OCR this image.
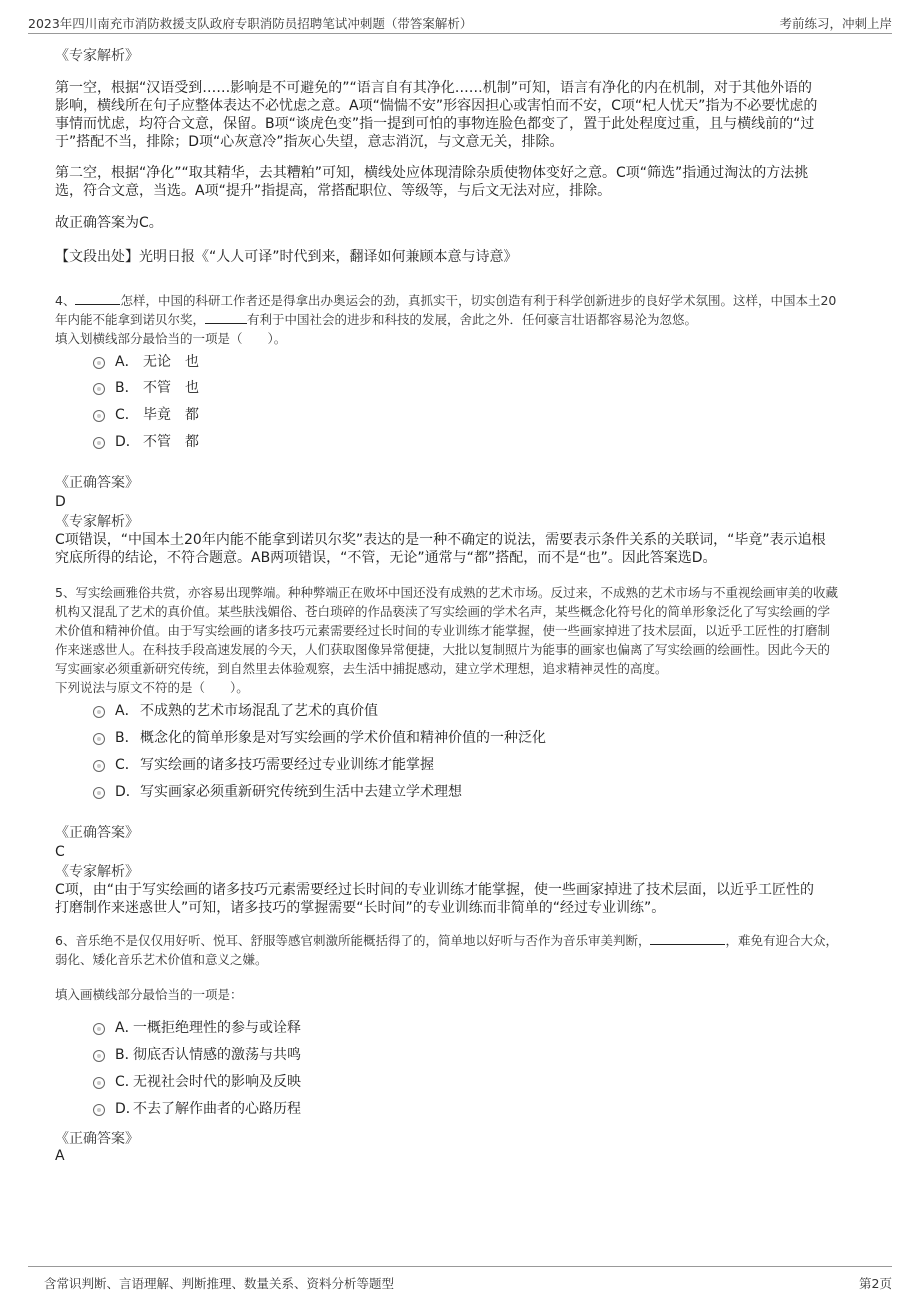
2023年四川南充市消防救援支队政府专职消防员招聘笔试冲刺题（带答案解析）	考前练习，冲刺上岸
《专家解析》
第一空，根据“汉语受到……影响是不可避免的”“语言自有其净化……机制”可知，语言有净化的内在机制，对于其他外语的
影响，横线所在句子应整体表达不必忧虑之意。A项“惴惴不安”形容因担心或害怕而不安，C项“杞人忧天”指为不必要忧虑的
事情而忧虑，均符合文意，保留。B项“谈虎色变”指一提到可怕的事物连脸色都变了，置于此处程度过重，且与横线前的“过
于”搭配不当，排除；D项“心灰意冷”指灰心失望，意志消沉，与文意无关，排除。
第二空，根据“净化”“取其精华，去其糟粕”可知，横线处应体现清除杂质使物体变好之意。C项“筛选”指通过淘汰的方法挑
选，符合文意，当选。A项“提升”指提高，常搭配职位、等级等，与后文无法对应，排除。
故正确答案为C。
【文段出处】光明日报《“人人可译”时代到来，翻译如何兼顾本意与诗意》
4、	怎样，中国的科研工作者还是得拿出办奥运会的劲，真抓实干，切实创造有利于科学创新进步的良好学术氛围。这样，中国本土20
年内能不能拿到诺贝尔奖，	有利于中国社会的进步和科技的发展，舍此之外．任何豪言壮语都容易沦为忽悠。
填入划横线部分最恰当的一项是（　　）。
A． 无论　也
B． 不管　也
C． 毕竟　都
D． 不管　都
《正确答案》
D
《专家解析》
C项错误，“中国本土20年内能不能拿到诺贝尔奖”表达的是一种不确定的说法，需要表示条件关系的关联词，“毕竟”表示追根
究底所得的结论，不符合题意。AB两项错误，“不管，无论”通常与“都”搭配，而不是“也”。因此答案选D。
5、写实绘画雅俗共赏，亦容易出现弊端。种种弊端正在败坏中国还没有成熟的艺术市场。反过来，不成熟的艺术市场与不重视绘画审美的收藏
机构又混乱了艺术的真价值。某些肤浅媚俗、苍白琐碎的作品亵渎了写实绘画的学术名声，某些概念化符号化的简单形象泛化了写实绘画的学
术价值和精神价值。由于写实绘画的诸多技巧元素需要经过长时间的专业训练才能掌握，使一些画家掉进了技术层面，以近乎工匠性的打磨制
作来迷惑世人。在科技手段高速发展的今天，人们获取图像异常便捷，大批以复制照片为能事的画家也偏离了写实绘画的绘画性。因此今天的
写实画家必须重新研究传统，到自然里去体验观察，去生活中捕捉感动，建立学术理想，追求精神灵性的高度。
下列说法与原文不符的是（　　）。
A． 不成熟的艺术市场混乱了艺术的真价值
B． 概念化的简单形象是对写实绘画的学术价值和精神价值的一种泛化
C． 写实绘画的诸多技巧需要经过专业训练才能掌握
D． 写实画家必须重新研究传统到生活中去建立学术理想
《正确答案》
C
《专家解析》
C项，由“由于写实绘画的诸多技巧元素需要经过长时间的专业训练才能掌握，使一些画家掉进了技术层面，以近乎工匠性的
打磨制作来迷惑世人”可知，诸多技巧的掌握需要“长时间”的专业训练而非简单的“经过专业训练”。
6、音乐绝不是仅仅用好听、悦耳、舒服等感官刺激所能概括得了的，简单地以好听与否作为音乐审美判断，	，难免有迎合大众，
弱化、矮化音乐艺术价值和意义之嫌。
填入画横线部分最恰当的一项是：
A．
一概拒绝理性的参与或诠释
B．
彻底否认情感的激荡与共鸣
C．
无视社会时代的影响及反映
D．
不去了解作曲者的心路历程
《正确答案》
A
含常识判断、言语理解、判断推理、数量关系、资料分析等题型	第2页
